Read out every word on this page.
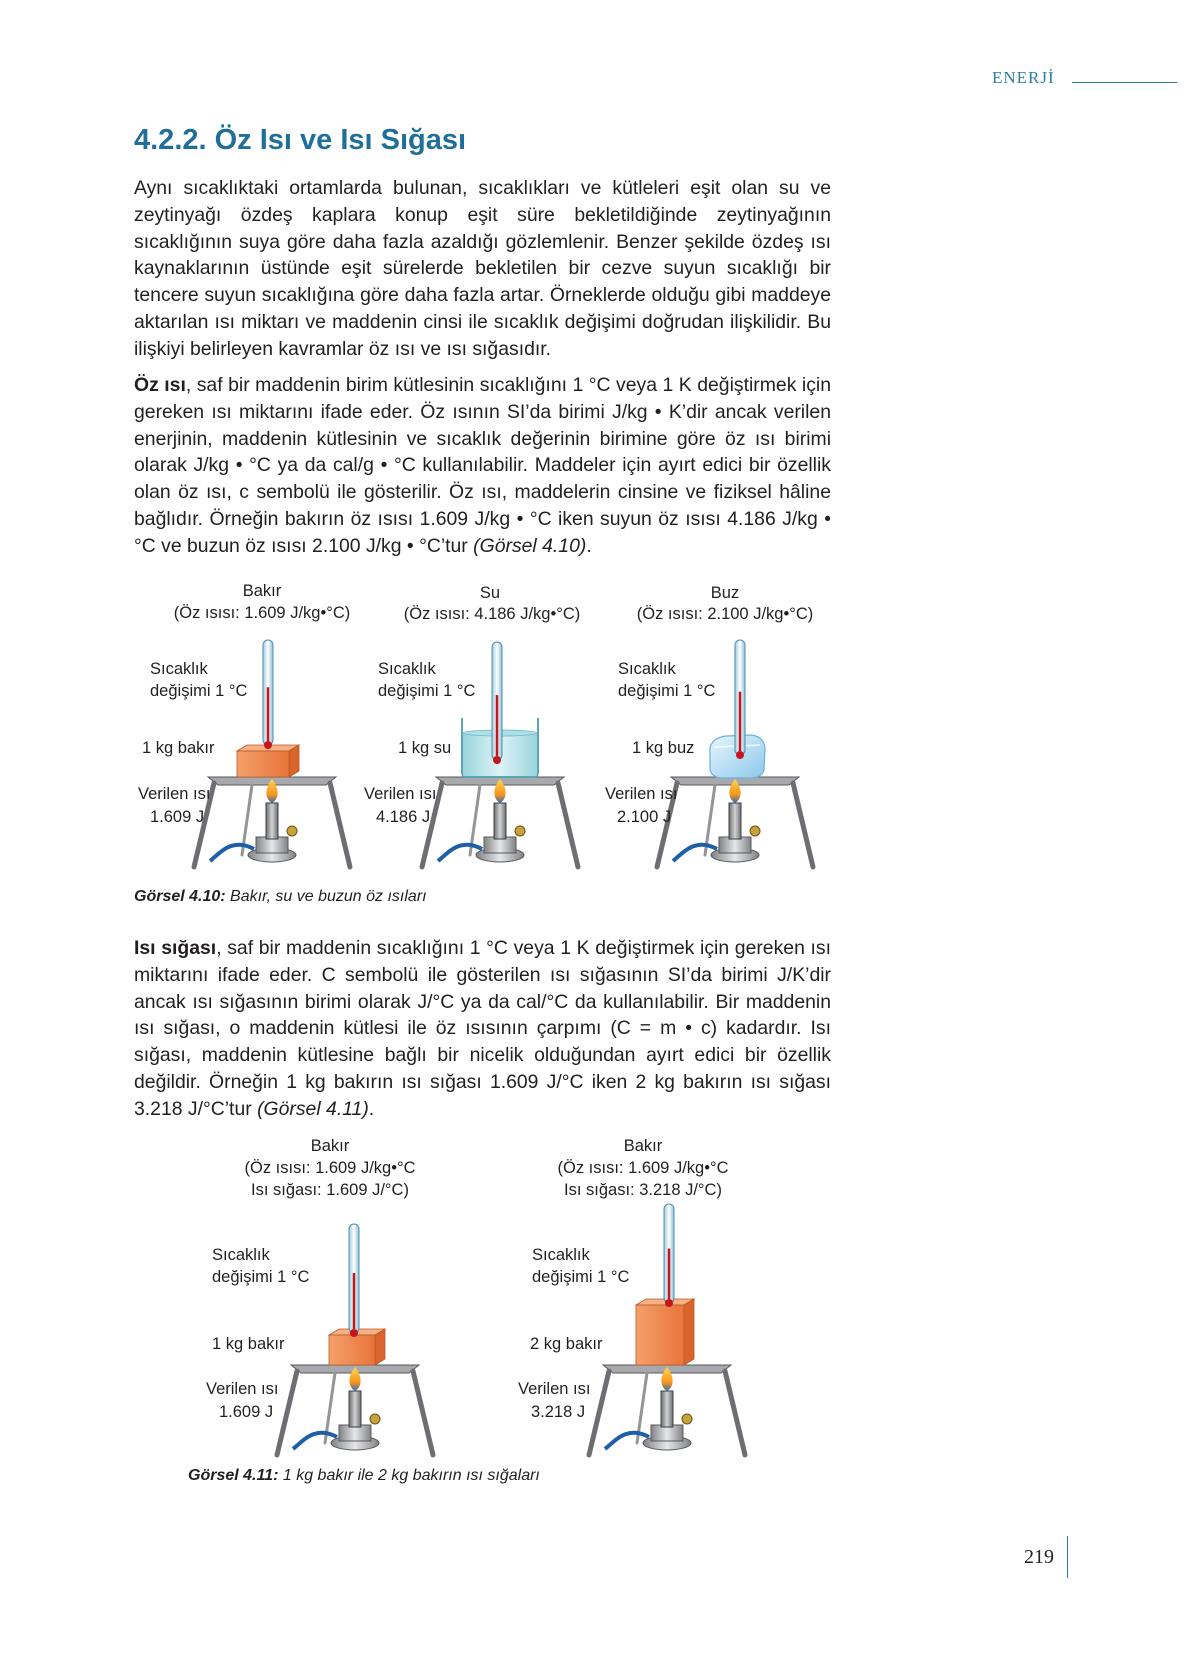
ENERJİ
4.2.2. Öz Isı ve Isı Sığası

Aynı sıcaklıktaki ortamlarda bulunan, sıcaklıkları ve kütleleri eşit olan su ve zeytinyağı özdeş kaplara konup eşit süre bekletildiğinde zeytinyağının sıcaklığının suya göre daha fazla azaldığı gözlemlenir. Benzer şekilde özdeş ısı kaynaklarının üstünde eşit sürelerde bekletilen bir cezve suyun sıcaklığı bir tencere suyun sıcaklığına göre daha fazla artar. Örneklerde olduğu gibi maddeye aktarılan ısı miktarı ve maddenin cinsi ile sıcaklık değişimi doğrudan ilişkilidir. Bu ilişkiyi belirleyen kavramlar öz ısı ve ısı sığasıdır.

Öz ısı, saf bir maddenin birim kütlesinin sıcaklığını 1 °C veya 1 K değiştirmek için gereken ısı miktarını ifade eder. Öz ısının SI’da birimi J/kg • K’dir ancak verilen enerjinin, maddenin kütlesinin ve sıcaklık değerinin birimine göre öz ısı birimi olarak J/kg • °C ya da cal/g • °C kullanılabilir. Maddeler için ayırt edici bir özellik olan öz ısı, c sembolü ile gösterilir. Öz ısı, maddelerin cinsine ve fiziksel hâline bağlıdır. Örneğin bakırın öz ısısı 1.609 J/kg • °C iken suyun öz ısısı 4.186 J/kg • °C ve buzun öz ısısı 2.100 J/kg • °C’tur (Görsel 4.10).

Bakır
(Öz ısısı: 1.609 J/kg•°C)
Sıcaklık
değişimi 1 °C
1 kg bakır
Verilen ısı
1.609 J
Su
(Öz ısısı: 4.186 J/kg•°C)
Sıcaklık
değişimi 1 °C
1 kg su
Verilen ısı
4.186 J
Buz
(Öz ısısı: 2.100 J/kg•°C)
Sıcaklık
değişimi 1 °C
1 kg buz
Verilen ısı
2.100 J
Görsel 4.10: Bakır, su ve buzun öz ısıları

Isı sığası, saf bir maddenin sıcaklığını 1 °C veya 1 K değiştirmek için gereken ısı miktarını ifade eder. C sembolü ile gösterilen ısı sığasının SI’da birimi J/K’dir ancak ısı sığasının birimi olarak J/°C ya da cal/°C da kullanılabilir. Bir maddenin ısı sığası, o maddenin kütlesi ile öz ısısının çarpımı (C = m • c) kadardır. Isı sığası, maddenin kütlesine bağlı bir nicelik olduğundan ayırt edici bir özellik değildir. Örneğin 1 kg bakırın ısı sığası 1.609 J/°C iken 2 kg bakırın ısı sığası 3.218 J/°C’tur (Görsel 4.11).

Bakır
(Öz ısısı: 1.609 J/kg•°C
Isı sığası: 1.609 J/°C)
Sıcaklık
değişimi 1 °C
1 kg bakır
Verilen ısı
1.609 J
Bakır
(Öz ısısı: 1.609 J/kg•°C
Isı sığası: 3.218 J/°C)
Sıcaklık
değişimi 1 °C
2 kg bakır
Verilen ısı
3.218 J
Görsel 4.11: 1 kg bakır ile 2 kg bakırın ısı sığaları
219
